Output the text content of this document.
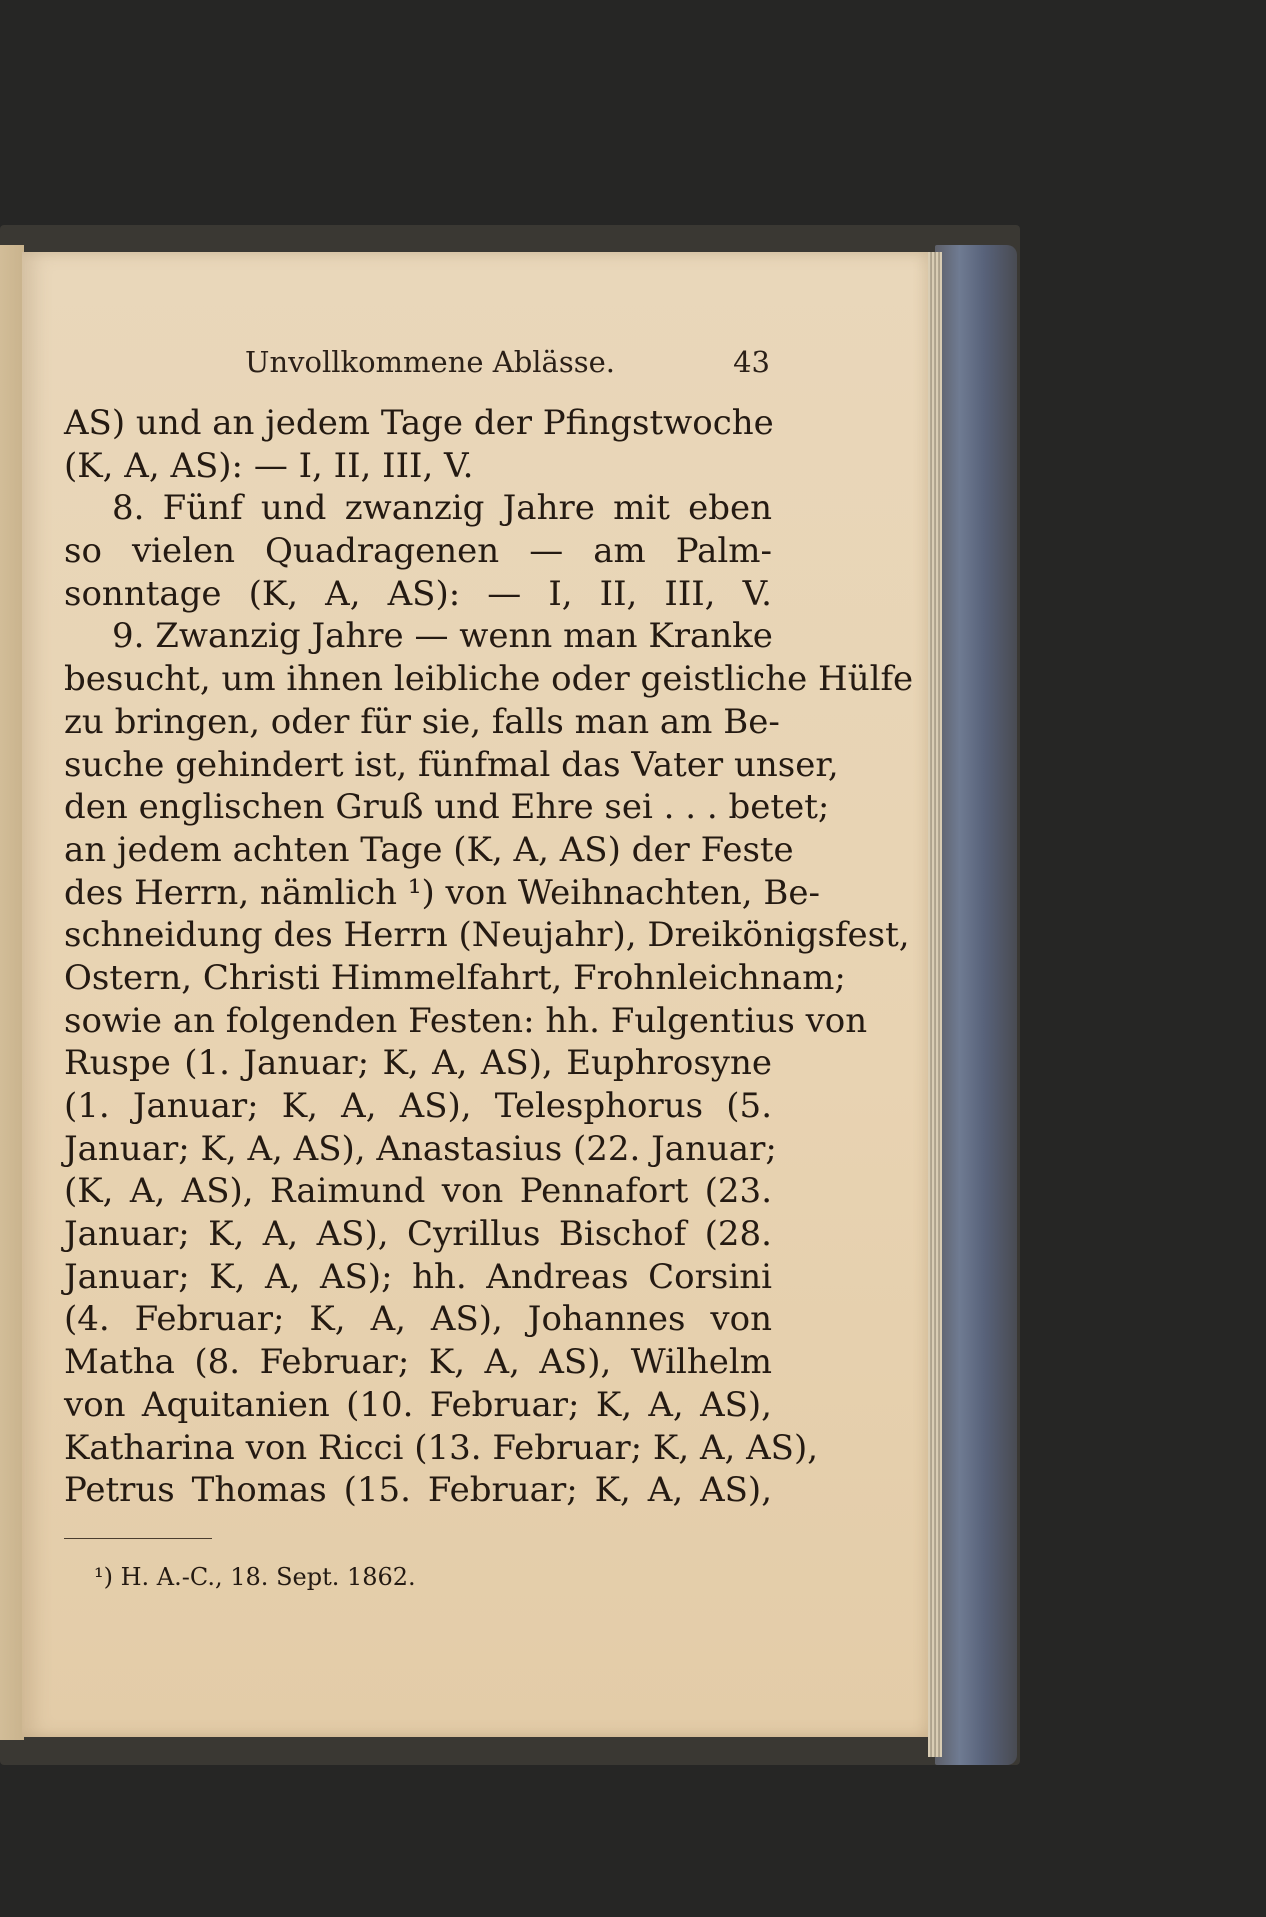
Unvollkommene Ablässe.	43
AS) und an jedem Tage der Pfingstwoche
(K, A, AS): — I, II, III, V.
8. Fünf und zwanzig Jahre mit eben
so vielen Quadragenen — am Palm-
sonntage (K, A, AS): — I, II, III, V.
9. Zwanzig Jahre — wenn man Kranke
besucht, um ihnen leibliche oder geistliche Hülfe
zu bringen, oder für sie, falls man am Be-
suche gehindert ist, fünfmal das Vater unser,
den englischen Gruß und Ehre sei . . . betet;
an jedem achten Tage (K, A, AS) der Feste
des Herrn, nämlich ¹) von Weihnachten, Be-
schneidung des Herrn (Neujahr), Dreikönigsfest,
Ostern, Christi Himmelfahrt, Frohnleichnam;
sowie an folgenden Festen: hh. Fulgentius von
Ruspe (1. Januar; K, A, AS), Euphrosyne
(1. Januar; K, A, AS), Telesphorus (5.
Januar; K, A, AS), Anastasius (22. Januar;
(K, A, AS), Raimund von Pennafort (23.
Januar; K, A, AS), Cyrillus Bischof (28.
Januar; K, A, AS); hh. Andreas Corsini
(4. Februar; K, A, AS), Johannes von
Matha (8. Februar; K, A, AS), Wilhelm
von Aquitanien (10. Februar; K, A, AS),
Katharina von Ricci (13. Februar; K, A, AS),
Petrus Thomas (15. Februar; K, A, AS),
¹) H. A.-C., 18. Sept. 1862.
